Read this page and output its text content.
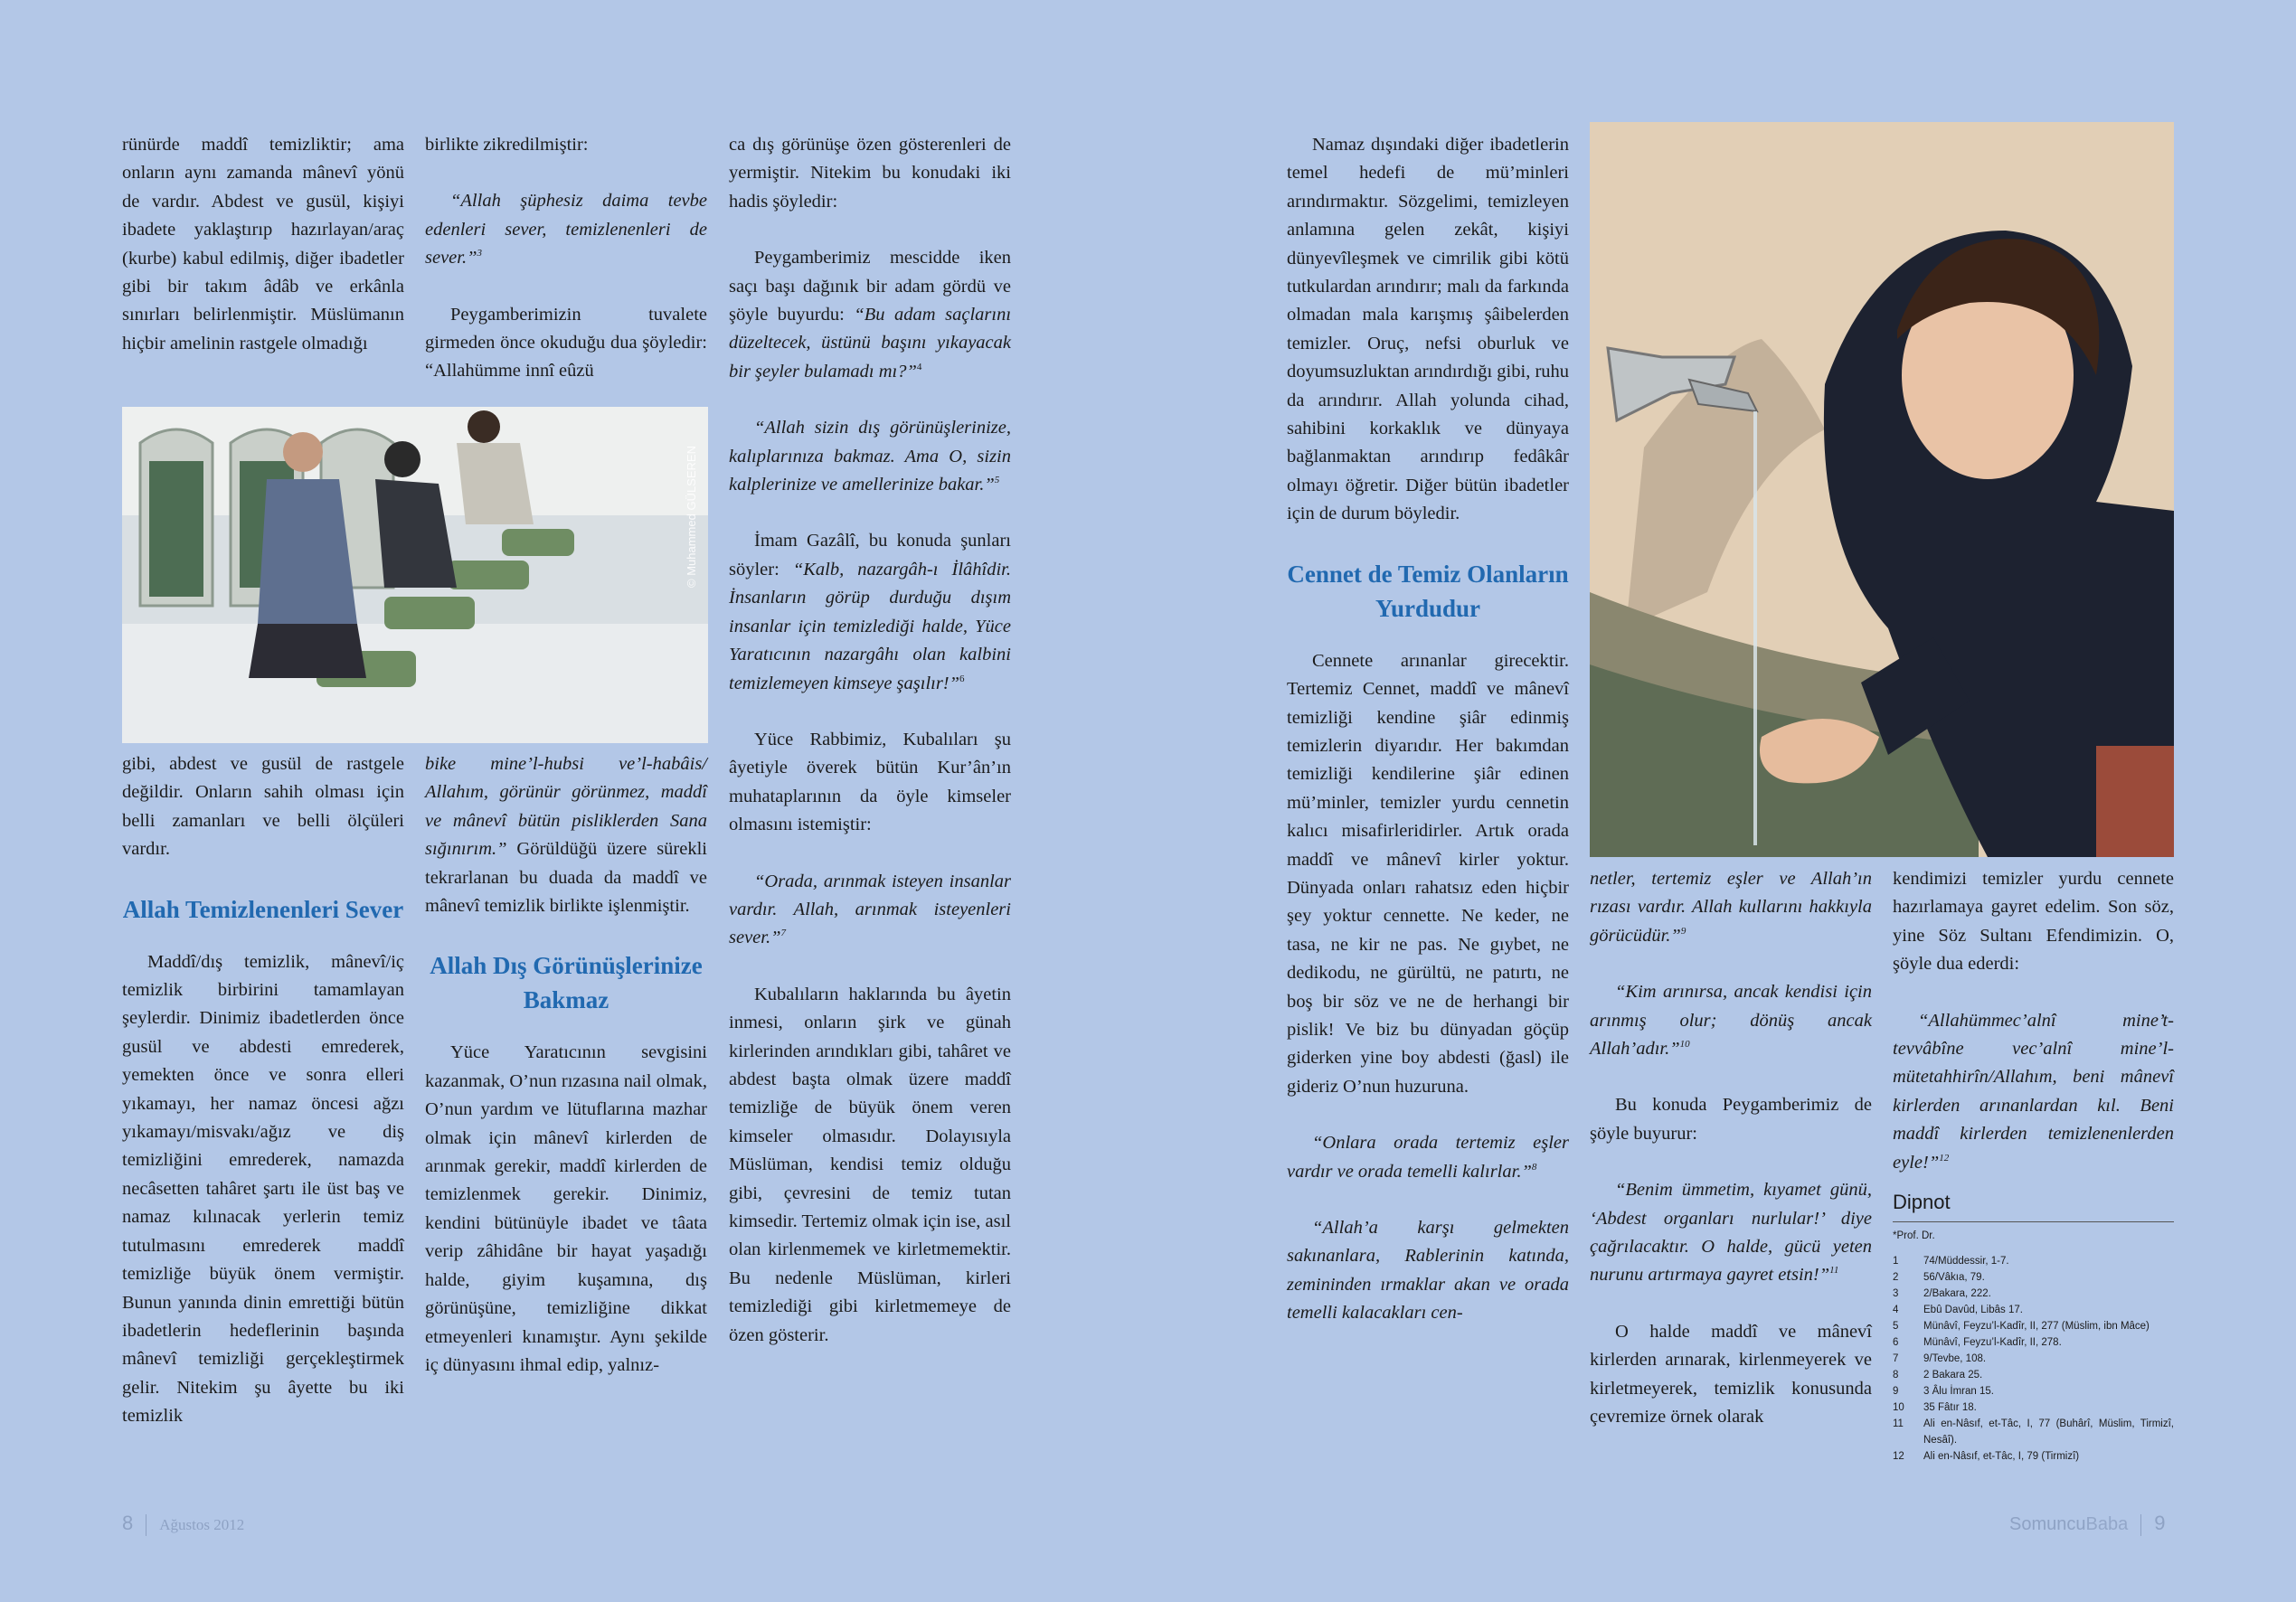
rünürde maddî temizliktir; ama onların aynı zamanda mânevî yönü de vardır. Abdest ve gusül, kişiyi ibadete yaklaştırıp hazırlayan/araç (kurbe) kabul edilmiş, diğer ibadetler gibi bir takım âdâb ve erkânla sınırları belirlenmiştir. Müslümanın hiçbir amelinin rastgele olmadığı

© Muhammed GÜLSEREN

gibi, abdest ve gusül de rastgele değildir. Onların sahih olması için belli zamanları ve belli ölçüleri vardır.

Allah Temizlenenleri Sever

Maddî/dış temizlik, mânevî/iç temizlik birbirini tamamlayan şeylerdir. Dinimiz ibadetlerden önce gusül ve abdesti emrederek, yemekten önce ve sonra elleri yıkamayı, her namaz öncesi ağzı yıkamayı/misvakı/ağız ve diş temizliğini emrederek, namazda necâsetten tahâret şartı ile üst baş ve namaz kılınacak yerlerin temiz tutulmasını emrederek maddî temizliğe büyük önem vermiştir. Bunun yanında dinin emrettiği bütün ibadetlerin hedeflerinin başında mânevî temizliği gerçekleştirmek gelir. Nitekim şu âyette bu iki temizlik

birlikte zikredilmiştir:

“Allah şüphesiz daima tevbe edenleri sever, temizlenenleri de sever.”$^3$

Peygamberimizin tuvalete girmeden önce okuduğu dua şöyledir: “Allahümme innî eûzü

bike mine’l-hubsi ve’l-habâis/ Allahım, görünür görünmez, maddî ve mânevî bütün pisliklerden Sana sığınırım.” Görüldüğü üzere sürekli tekrarlanan bu duada da maddî ve mânevî temizlik birlikte işlenmiştir.

Allah Dış Görünüşlerinize Bakmaz

Yüce Yaratıcının sevgisini kazanmak, O’nun rızasına nail olmak, O’nun yardım ve lütuflarına mazhar olmak için mânevî kirlerden de arınmak gerekir, maddî kirlerden de temizlenmek gerekir. Dinimiz, kendini bütünüyle ibadet ve tâata verip zâhidâne bir hayat yaşadığı halde, giyim kuşamına, dış görünüşüne, temizliğine dikkat etmeyenleri kınamıştır. Aynı şekilde iç dünyasını ihmal edip, yalnız-

ca dış görünüşe özen gösterenleri de yermiştir. Nitekim bu konudaki iki hadis şöyledir:

Peygamberimiz mescidde iken saçı başı dağınık bir adam gördü ve şöyle buyurdu: “Bu adam saçlarını düzeltecek, üstünü başını yıkayacak bir şeyler bulamadı mı?”$^4$

“Allah sizin dış görünüşlerinize, kalıplarınıza bakmaz. Ama O, sizin kalplerinize ve amellerinize bakar.”$^5$

İmam Gazâlî, bu konuda şunları söyler: “Kalb, nazargâh-ı İlâhîdir. İnsanların görüp durduğu dışım insanlar için temizlediği halde, Yüce Yaratıcının nazargâhı olan kalbini temizlemeyen kimseye şaşılır!”$^6$

Yüce Rabbimiz, Kubalıları şu âyetiyle överek bütün Kur’ân’ın muhataplarının da öyle kimseler olmasını istemiştir:

“Orada, arınmak isteyen insanlar vardır. Allah, arınmak isteyenleri sever.”$^7$

Kubalıların haklarında bu âyetin inmesi, onların şirk ve günah kirlerinden arındıkları gibi, tahâret ve abdest başta olmak üzere maddî temizliğe de büyük önem veren kimseler olmasıdır. Dolayısıyla Müslüman, kendisi temiz olduğu gibi, çevresini de temiz tutan kimsedir. Tertemiz olmak için ise, asıl olan kirlenmemek ve kirletmemektir. Bu nedenle Müslüman, kirleri temizlediği gibi kirletmemeye de özen gösterir.

8 Ağustos 2012

Namaz dışındaki diğer ibadetlerin temel hedefi de mü’minleri arındırmaktır. Sözgelimi, temizleyen anlamına gelen zekât, kişiyi dünyevîleşmek ve cimrilik gibi kötü tutkulardan arındırır; malı da farkında olmadan mala karışmış şâibelerden temizler. Oruç, nefsi oburluk ve doyumsuzluktan arındırdığı gibi, ruhu da arındırır. Allah yolunda cihad, sahibini korkaklık ve dünyaya bağlanmaktan arındırıp fedâkâr olmayı öğretir. Diğer bütün ibadetler için de durum böyledir.

Cennet de Temiz Olanların Yurdudur

Cennete arınanlar girecektir. Tertemiz Cennet, maddî ve mânevî temizliği kendine şiâr edinmiş temizlerin diyarıdır. Her bakımdan temizliği kendilerine şiâr edinen mü’minler, temizler yurdu cennetin kalıcı misafirleridirler. Artık orada maddî ve mânevî kirler yoktur. Dünyada onları rahatsız eden hiçbir şey yoktur cennette. Ne keder, ne tasa, ne kir ne pas. Ne gıybet, ne dedikodu, ne gürültü, ne patırtı, ne boş bir söz ve ne de herhangi bir pislik! Ve biz bu dünyadan göçüp giderken yine boy abdesti (ğasl) ile gideriz O’nun huzuruna.

“Onlara orada tertemiz eşler vardır ve orada temelli kalırlar.”$^8$

“Allah’a karşı gelmekten sakınanlara, Rablerinin katında, zemininden ırmaklar akan ve orada temelli kalacakları cen-

netler, tertemiz eşler ve Allah’ın rızası vardır. Allah kullarını hakkıyla görücüdür.”$^9$

“Kim arınırsa, ancak kendisi için arınmış olur; dönüş ancak Allah’adır.”$^{10}$

Bu konuda Peygamberimiz de şöyle buyurur:

“Benim ümmetim, kıyamet günü, ‘Abdest organları nurlular!’ diye çağrılacaktır. O halde, gücü yeten nurunu artırmaya gayret etsin!”$^{11}$

O halde maddî ve mânevî kirlerden arınarak, kirlenmeyerek ve kirletmeyerek, temizlik konusunda çevremize örnek olarak

kendimizi temizler yurdu cennete hazırlamaya gayret edelim. Son söz, yine Söz Sultanı Efendimizin. O, şöyle dua ederdi:

“Allahümmec’alnî mine’t-tevvâbîne vec’alnî mine’l-mütetahhirîn/Allahım, beni mânevî kirlerden arınanlardan kıl. Beni maddî kirlerden temizlenenlerden eyle!”$^{12}$

Dipnot
*Prof. Dr.
1	74/Müddessir, 1-7.
2	56/Vâkıa, 79.
3	2/Bakara, 222.
4	Ebû Davûd, Libâs 17.
5	Münâvî, Feyzu’l-Kadîr, II, 277 (Müslim, ibn Mâce)
6	Münâvî, Feyzu’l-Kadîr, II, 278.
7	9/Tevbe, 108.
8	2 Bakara 25.
9	3 Âlu İmran 15.
10	35 Fâtır 18.
11	Ali en-Nâsıf, et-Tâc, I, 77 (Buhârî, Müslim, Tirmizî, Nesâî).
12	Ali en-Nâsıf, et-Tâc, I, 79 (Tirmizî)
SomuncuBaba 9
